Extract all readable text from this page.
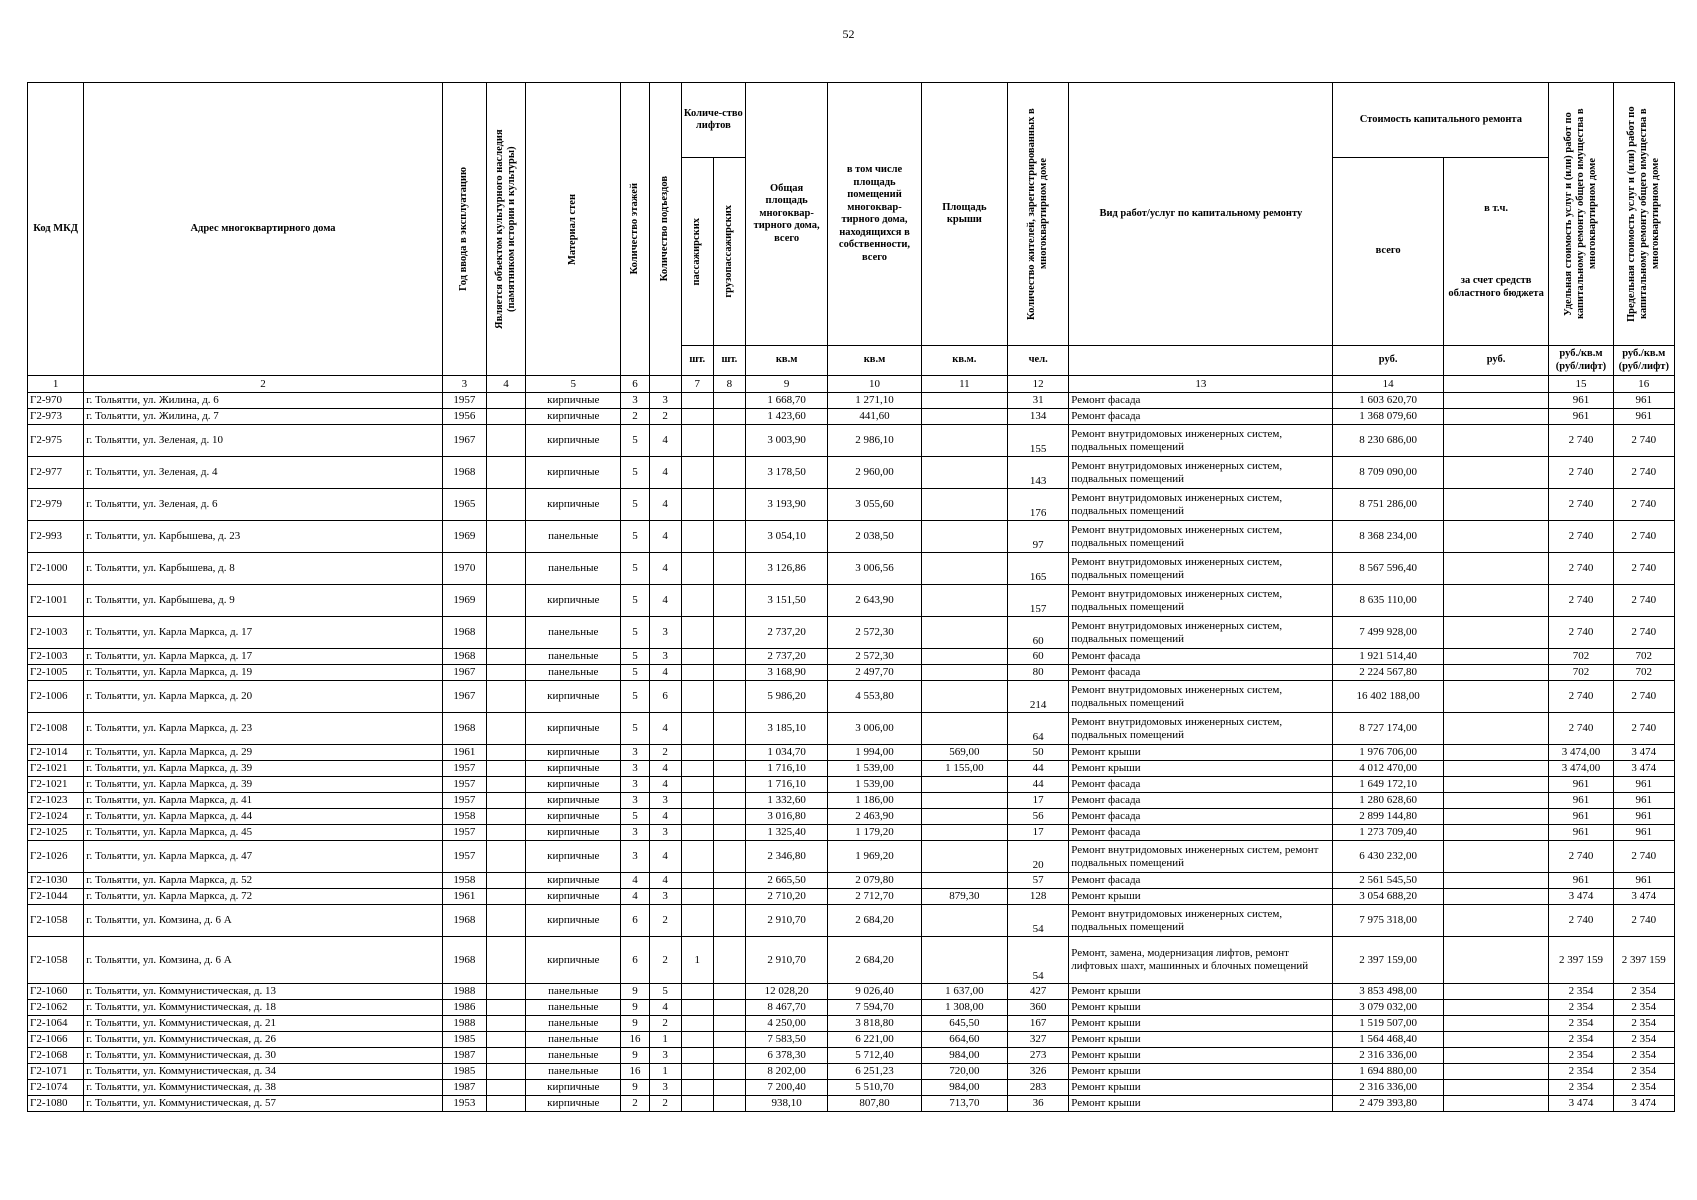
52
Код МКД	Адрес многоквартирного дома	Год ввода в эксплуатацию	Является объектом культурного наследия (памятником истории и культуры)	Материал стен	Количество этажей	Количество подъездов	Количе-ство лифтов		Общая площадь многоквар-тирного дома, всего	в том числе площадь помещений многоквар-тирного дома, находящихся в собственности, всего	Площадь крыши	Количество жителей, зарегистрированных в многоквартирном доме	Вид работ/услуг по капитальному ремонту	Стоимость капитального ремонта		Удельная стоимость услуг и (или) работ по капитальному ремонту общего имущества в многоквартирном доме	Предельная стоимость услуг и (или) работ по капитальному ремонту общего имущества в многоквартирном доме

							пассажирских	грузопассажирских						всего	в т.ч.
за счет средств областного бюджета		

							шт.	шт.	кв.м	кв.м	кв.м.	чел.		руб.	руб.	руб./кв.м (руб/лифт)	руб./кв.м (руб/лифт)
1	2	3	4	5	6		7	8	9	10	11	12	13	14		15	16
Г2-970	г. Тольятти, ул. Жилина, д. 6	1957		кирпичные	3	3			1 668,70	1 271,10		31	Ремонт фасада	1 603 620,70		961	961
Г2-973	г. Тольятти, ул. Жилина, д. 7	1956		кирпичные	2	2			1 423,60	441,60		134	Ремонт фасада	1 368 079,60		961	961
Г2-975	г. Тольятти, ул. Зеленая, д. 10	1967		кирпичные	5	4			3 003,90	2 986,10		155	Ремонт внутридомовых инженерных систем, подвальных помещений	8 230 686,00		2 740	2 740
Г2-977	г. Тольятти, ул. Зеленая, д. 4	1968		кирпичные	5	4			3 178,50	2 960,00		143	Ремонт внутридомовых инженерных систем, подвальных помещений	8 709 090,00		2 740	2 740
Г2-979	г. Тольятти, ул. Зеленая, д. 6	1965		кирпичные	5	4			3 193,90	3 055,60		176	Ремонт внутридомовых инженерных систем, подвальных помещений	8 751 286,00		2 740	2 740
Г2-993	г. Тольятти, ул. Карбышева, д. 23	1969		панельные	5	4			3 054,10	2 038,50		97	Ремонт внутридомовых инженерных систем, подвальных помещений	8 368 234,00		2 740	2 740
Г2-1000	г. Тольятти, ул. Карбышева, д. 8	1970		панельные	5	4			3 126,86	3 006,56		165	Ремонт внутридомовых инженерных систем, подвальных помещений	8 567 596,40		2 740	2 740
Г2-1001	г. Тольятти, ул. Карбышева, д. 9	1969		кирпичные	5	4			3 151,50	2 643,90		157	Ремонт внутридомовых инженерных систем, подвальных помещений	8 635 110,00		2 740	2 740
Г2-1003	г. Тольятти, ул. Карла Маркса, д. 17	1968		панельные	5	3			2 737,20	2 572,30		60	Ремонт внутридомовых инженерных систем, подвальных помещений	7 499 928,00		2 740	2 740
Г2-1003	г. Тольятти, ул. Карла Маркса, д. 17	1968		панельные	5	3			2 737,20	2 572,30		60	Ремонт фасада	1 921 514,40		702	702
Г2-1005	г. Тольятти, ул. Карла Маркса, д. 19	1967		панельные	5	4			3 168,90	2 497,70		80	Ремонт фасада	2 224 567,80		702	702
Г2-1006	г. Тольятти, ул. Карла Маркса, д. 20	1967		кирпичные	5	6			5 986,20	4 553,80		214	Ремонт внутридомовых инженерных систем, подвальных помещений	16 402 188,00		2 740	2 740
Г2-1008	г. Тольятти, ул. Карла Маркса, д. 23	1968		кирпичные	5	4			3 185,10	3 006,00		64	Ремонт внутридомовых инженерных систем, подвальных помещений	8 727 174,00		2 740	2 740
Г2-1014	г. Тольятти, ул. Карла Маркса, д. 29	1961		кирпичные	3	2			1 034,70	1 994,00	569,00	50	Ремонт крыши	1 976 706,00		3 474,00	3 474
Г2-1021	г. Тольятти, ул. Карла Маркса, д. 39	1957		кирпичные	3	4			1 716,10	1 539,00	1 155,00	44	Ремонт крыши	4 012 470,00		3 474,00	3 474
Г2-1021	г. Тольятти, ул. Карла Маркса, д. 39	1957		кирпичные	3	4			1 716,10	1 539,00		44	Ремонт фасада	1 649 172,10		961	961
Г2-1023	г. Тольятти, ул. Карла Маркса, д. 41	1957		кирпичные	3	3			1 332,60	1 186,00		17	Ремонт фасада	1 280 628,60		961	961
Г2-1024	г. Тольятти, ул. Карла Маркса, д. 44	1958		кирпичные	5	4			3 016,80	2 463,90		56	Ремонт фасада	2 899 144,80		961	961
Г2-1025	г. Тольятти, ул. Карла Маркса, д. 45	1957		кирпичные	3	3			1 325,40	1 179,20		17	Ремонт фасада	1 273 709,40		961	961
Г2-1026	г. Тольятти, ул. Карла Маркса, д. 47	1957		кирпичные	3	4			2 346,80	1 969,20		20	Ремонт внутридомовых инженерных систем, ремонт подвальных помещений	6 430 232,00		2 740	2 740
Г2-1030	г. Тольятти, ул. Карла Маркса, д. 52	1958		кирпичные	4	4			2 665,50	2 079,80		57	Ремонт фасада	2 561 545,50		961	961
Г2-1044	г. Тольятти, ул. Карла Маркса, д. 72	1961		кирпичные	4	3			2 710,20	2 712,70	879,30	128	Ремонт крыши	3 054 688,20		3 474	3 474
Г2-1058	г. Тольятти, ул. Комзина, д. 6 А	1968		кирпичные	6	2			2 910,70	2 684,20		54	Ремонт внутридомовых инженерных систем, подвальных помещений	7 975 318,00		2 740	2 740
Г2-1058	г. Тольятти, ул. Комзина, д. 6 А	1968		кирпичные	6	2	1		2 910,70	2 684,20		54	Ремонт, замена, модернизация лифтов, ремонт лифтовых шахт, машинных и блочных помещений	2 397 159,00		2 397 159	2 397 159
Г2-1060	г. Тольятти, ул. Коммунистическая, д. 13	1988		панельные	9	5			12 028,20	9 026,40	1 637,00	427	Ремонт крыши	3 853 498,00		2 354	2 354
Г2-1062	г. Тольятти, ул. Коммунистическая, д. 18	1986		панельные	9	4			8 467,70	7 594,70	1 308,00	360	Ремонт крыши	3 079 032,00		2 354	2 354
Г2-1064	г. Тольятти, ул. Коммунистическая, д. 21	1988		панельные	9	2			4 250,00	3 818,80	645,50	167	Ремонт крыши	1 519 507,00		2 354	2 354
Г2-1066	г. Тольятти, ул. Коммунистическая, д. 26	1985		панельные	16	1			7 583,50	6 221,00	664,60	327	Ремонт крыши	1 564 468,40		2 354	2 354
Г2-1068	г. Тольятти, ул. Коммунистическая, д. 30	1987		панельные	9	3			6 378,30	5 712,40	984,00	273	Ремонт крыши	2 316 336,00		2 354	2 354
Г2-1071	г. Тольятти, ул. Коммунистическая, д. 34	1985		панельные	16	1			8 202,00	6 251,23	720,00	326	Ремонт крыши	1 694 880,00		2 354	2 354
Г2-1074	г. Тольятти, ул. Коммунистическая, д. 38	1987		кирпичные	9	3			7 200,40	5 510,70	984,00	283	Ремонт крыши	2 316 336,00		2 354	2 354
Г2-1080	г. Тольятти, ул. Коммунистическая, д. 57	1953		кирпичные	2	2			938,10	807,80	713,70	36	Ремонт крыши	2 479 393,80		3 474	3 474
